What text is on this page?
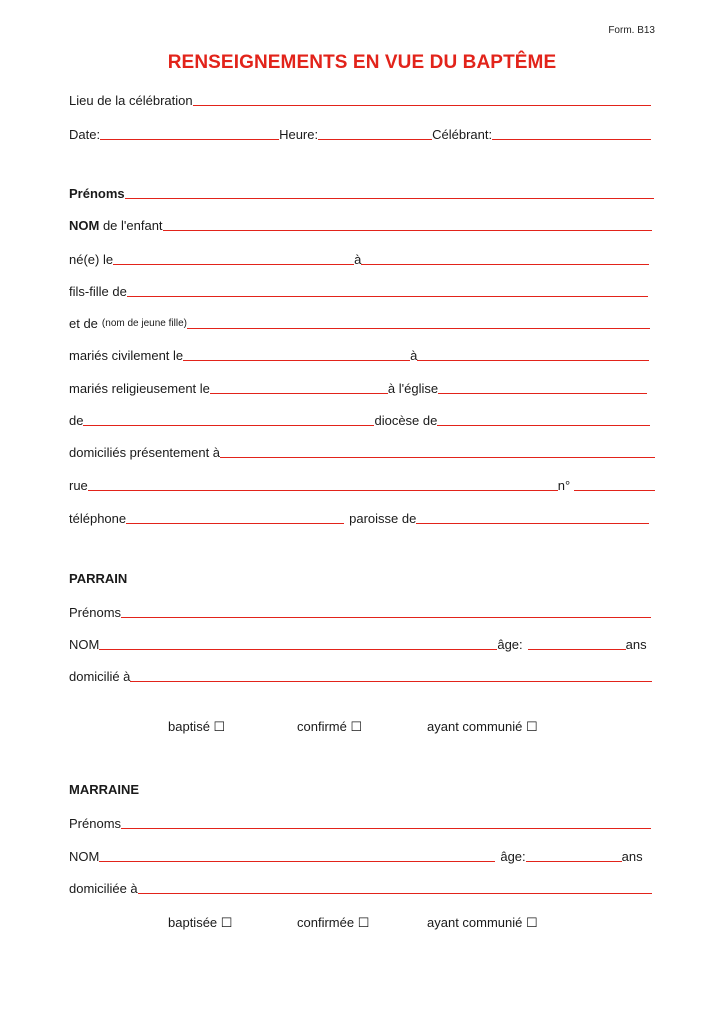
Form. B13
RENSEIGNEMENTS EN VUE DU BAPTÊME
Lieu de la célébration
Date:	Heure:	Célébrant:
Prénoms
NOM de l'enfant
né(e) le	à
fils-fille de
et de (nom de jeune fille)
mariés civilement le	à
mariés religieusement le	à l'église
de	diocèse de
domiciliés présentement à
rue	n°
téléphone	paroisse de
PARRAIN
Prénoms
NOM	âge:	ans
domicilié à
baptisé ☐	confirmé ☐	ayant communié ☐
MARRAINE
Prénoms
NOM	âge:	ans
domiciliée à
baptisée ☐	confirmée ☐	ayant communié ☐
